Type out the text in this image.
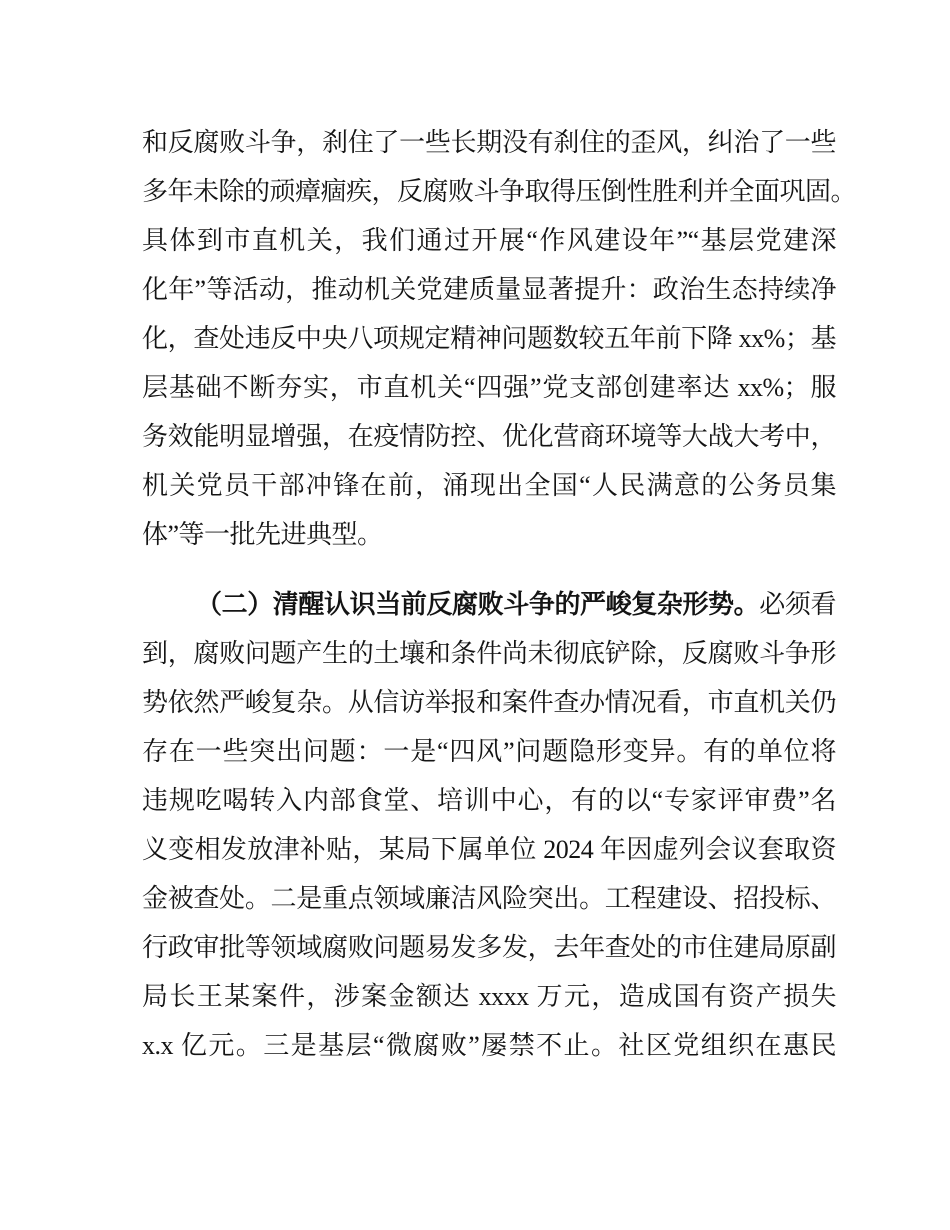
和反腐败斗争，刹住了一些长期没有刹住的歪风，纠治了一些
多年未除的顽瘴痼疾，反腐败斗争取得压倒性胜利并全面巩固。
具体到市直机关，我们通过开展“作风建设年”“基层党建深
化年”等活动，推动机关党建质量显著提升：政治生态持续净
化，查处违反中央八项规定精神问题数较五年前下降 xx%；基
层基础不断夯实，市直机关“四强”党支部创建率达 xx%；服
务效能明显增强，在疫情防控、优化营商环境等大战大考中，
机关党员干部冲锋在前，涌现出全国“人民满意的公务员集
体”等一批先进典型。
（二）清醒认识当前反腐败斗争的严峻复杂形势。必须看
到，腐败问题产生的土壤和条件尚未彻底铲除，反腐败斗争形
势依然严峻复杂。从信访举报和案件查办情况看，市直机关仍
存在一些突出问题：一是“四风”问题隐形变异。有的单位将
违规吃喝转入内部食堂、培训中心，有的以“专家评审费”名
义变相发放津补贴，某局下属单位 2024 年因虚列会议套取资
金被查处。二是重点领域廉洁风险突出。工程建设、招投标、
行政审批等领域腐败问题易发多发，去年查处的市住建局原副
局长王某案件，涉案金额达 xxxx 万元，造成国有资产损失
x.x 亿元。三是基层“微腐败”屡禁不止。社区党组织在惠民
